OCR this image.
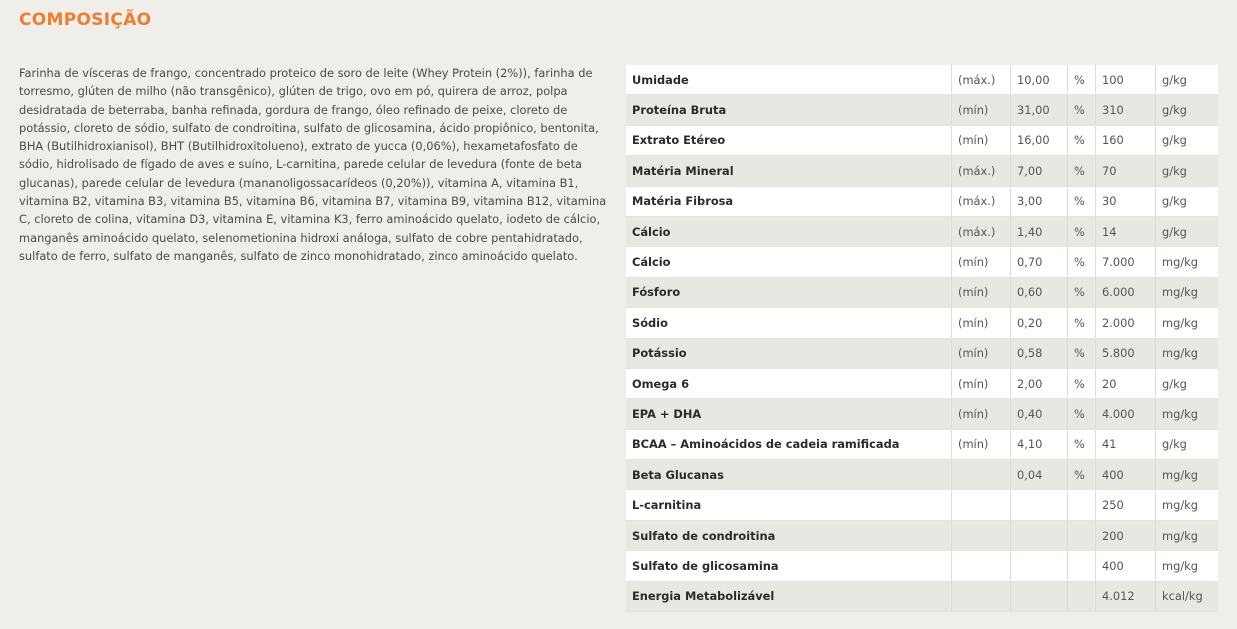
COMPOSIÇÃO

Farinha de vísceras de frango, concentrado proteico de soro de leite (Whey Protein (2%)), farinha de torresmo, glúten de milho (não transgênico), glúten de trigo, ovo em pó, quirera de arroz, polpa desidratada de beterraba, banha refinada, gordura de frango, óleo refinado de peixe, cloreto de potássio, cloreto de sódio, sulfato de condroitina, sulfato de glicosamina, ácido propiônico, bentonita, BHA (Butilhidroxianisol), BHT (Butilhidroxitolueno), extrato de yucca (0,06%), hexametafosfato de sódio, hidrolisado de fígado de aves e suíno, L-carnitina, parede celular de levedura (fonte de beta glucanas), parede celular de levedura (mananoligossacarídeos (0,20%)), vitamina A, vitamina B1, vitamina B2, vitamina B3, vitamina B5, vitamina B6, vitamina B7, vitamina B9, vitamina B12, vitamina C, cloreto de colina, vitamina D3, vitamina E, vitamina K3, ferro aminoácido quelato, iodeto de cálcio, manganês aminoácido quelato, selenometionina hidroxi análoga, sulfato de cobre pentahidratado, sulfato de ferro, sulfato de manganês, sulfato de zinco monohidratado, zinco aminoácido quelato.

Umidade	(máx.)	10,00	%	100	g/kg
Proteína Bruta	(mín)	31,00	%	310	g/kg
Extrato Etéreo	(mín)	16,00	%	160	g/kg
Matéria Mineral	(máx.)	7,00	%	70	g/kg
Matéria Fibrosa	(máx.)	3,00	%	30	g/kg
Cálcio	(máx.)	1,40	%	14	g/kg
Cálcio	(mín)	0,70	%	7.000	mg/kg
Fósforo	(mín)	0,60	%	6.000	mg/kg
Sódio	(mín)	0,20	%	2.000	mg/kg
Potássio	(mín)	0,58	%	5.800	mg/kg
Omega 6	(mín)	2,00	%	20	g/kg
EPA + DHA	(mín)	0,40	%	4.000	mg/kg
BCAA – Aminoácidos de cadeia ramificada	(mín)	4,10	%	41	g/kg
Beta Glucanas		0,04	%	400	mg/kg
L-carnitina				250	mg/kg
Sulfato de condroitina				200	mg/kg
Sulfato de glicosamina				400	mg/kg
Energia Metabolizável				4.012	kcal/kg
